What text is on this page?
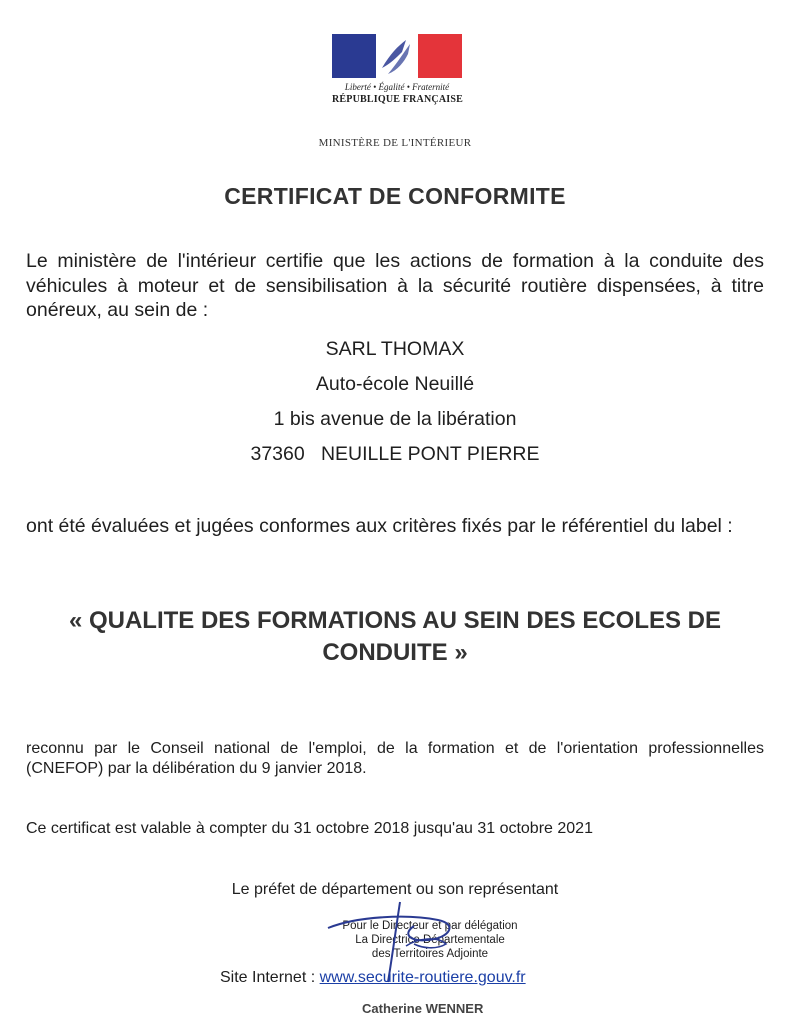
Liberté • Égalité • Fraternité
RÉPUBLIQUE FRANÇAISE
MINISTÈRE DE L'INTÉRIEUR
CERTIFICAT DE CONFORMITE
Le ministère de l'intérieur certifie que les actions de formation à la conduite des véhicules à moteur et de sensibilisation à la sécurité routière dispensées, à titre onéreux, au sein de :
SARL THOMAX
Auto-école Neuillé
1 bis avenue de la libération
37360   NEUILLE PONT PIERRE
ont été évaluées et jugées conformes aux critères fixés par le référentiel du label :
« QUALITE DES FORMATIONS AU SEIN DES ECOLES DE CONDUITE »
reconnu par le Conseil national de l'emploi, de la formation et de l'orientation professionnelles (CNEFOP) par la délibération du 9 janvier 2018.
Ce certificat est valable à compter du 31 octobre 2018 jusqu'au 31 octobre 2021
Le préfet de département ou son représentant
Pour le Directeur et par délégation
La Directrice Départementale
des Territoires Adjointe
Site Internet : www.securite-routiere.gouv.fr
Catherine WENNER
